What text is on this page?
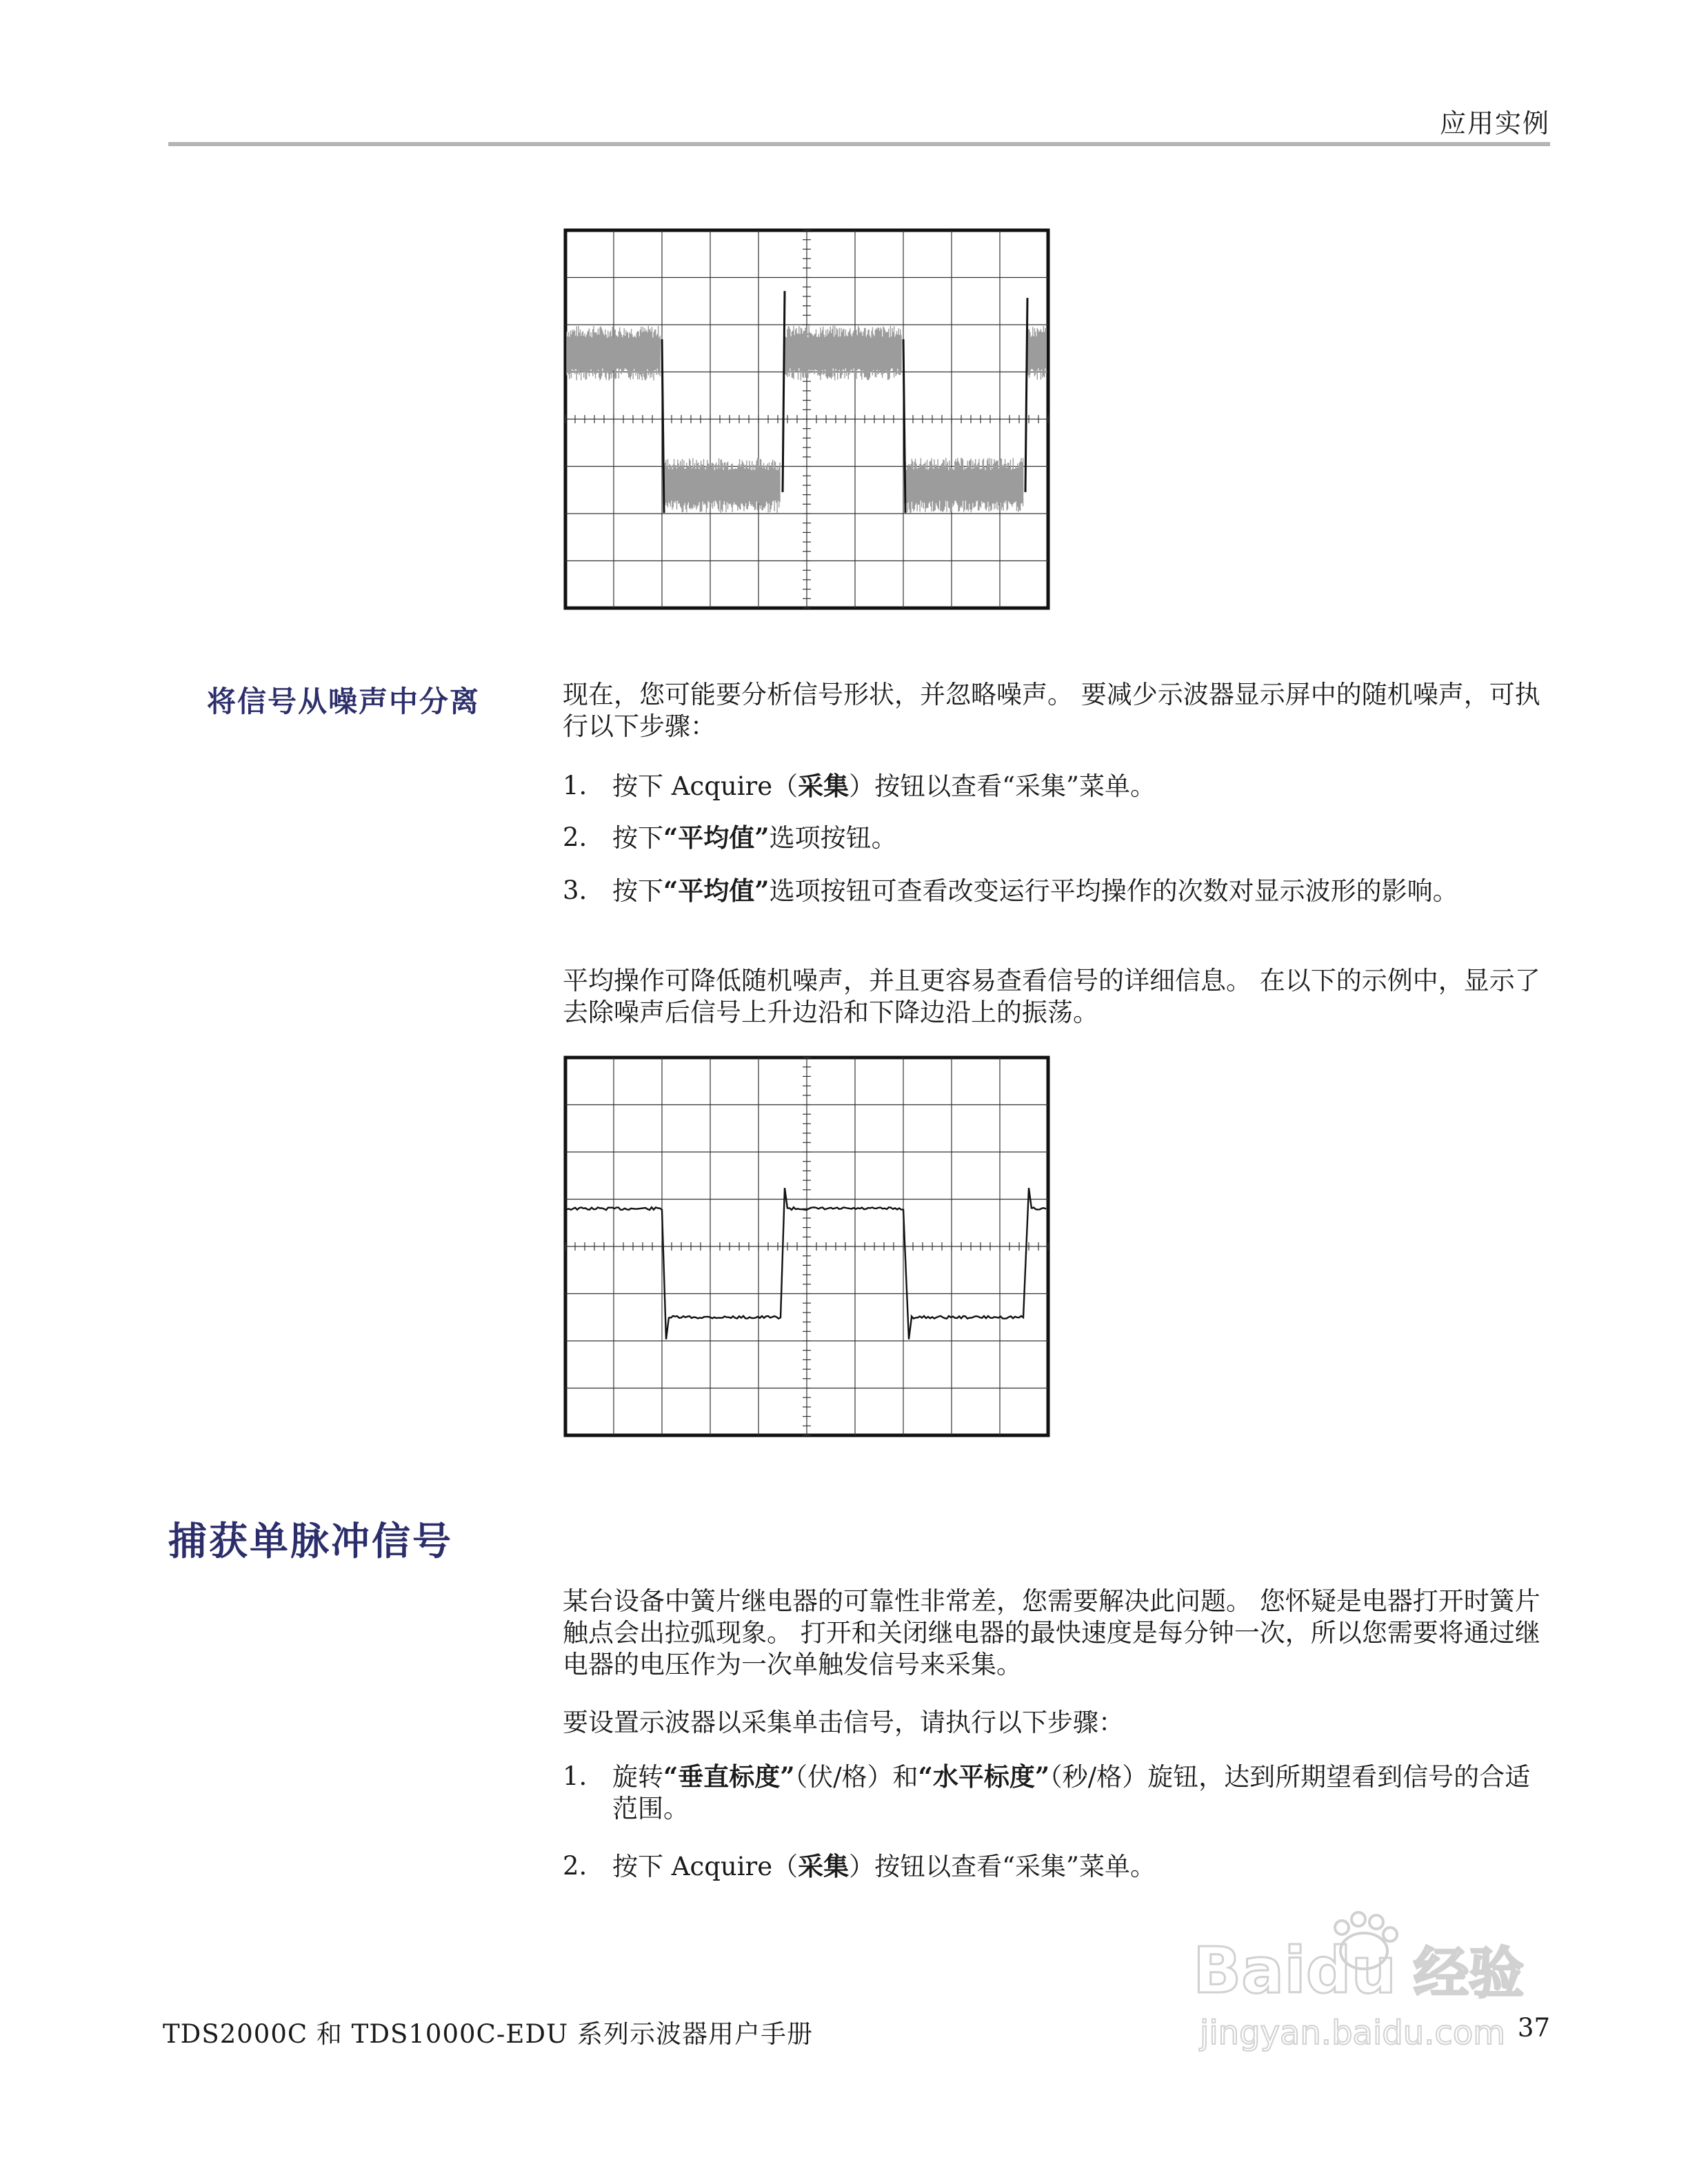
应用实例
将信号从噪声中分离	现在，您可能要分析信号形状，并忽略噪声。 要减少示波器显示屏中的随机噪声，可执行以下步骤：

1. 按下 Acquire（采集）按钮以查看“采集”菜单。
2. 按下“平均值”选项按钮。
3. 按下“平均值”选项按钮可查看改变运行平均操作的次数对显示波形的影响。

平均操作可降低随机噪声，并且更容易查看信号的详细信息。 在以下的示例中，显示了去除噪声后信号上升边沿和下降边沿上的振荡。

捕获单脉冲信号

某台设备中簧片继电器的可靠性非常差，您需要解决此问题。 您怀疑是电器打开时簧片触点会出拉弧现象。 打开和关闭继电器的最快速度是每分钟一次，所以您需要将通过继电器的电压作为一次单触发信号来采集。

要设置示波器以采集单击信号，请执行以下步骤：

1. 旋转“垂直标度”（伏/格）和“水平标度”（秒/格）旋钮，达到所期望看到信号的合适范围。
2. 按下 Acquire（采集）按钮以查看“采集”菜单。
TDS2000C 和 TDS1000C-EDU 系列示波器用户手册	37
Baidu 经验
jingyan.baidu.com
